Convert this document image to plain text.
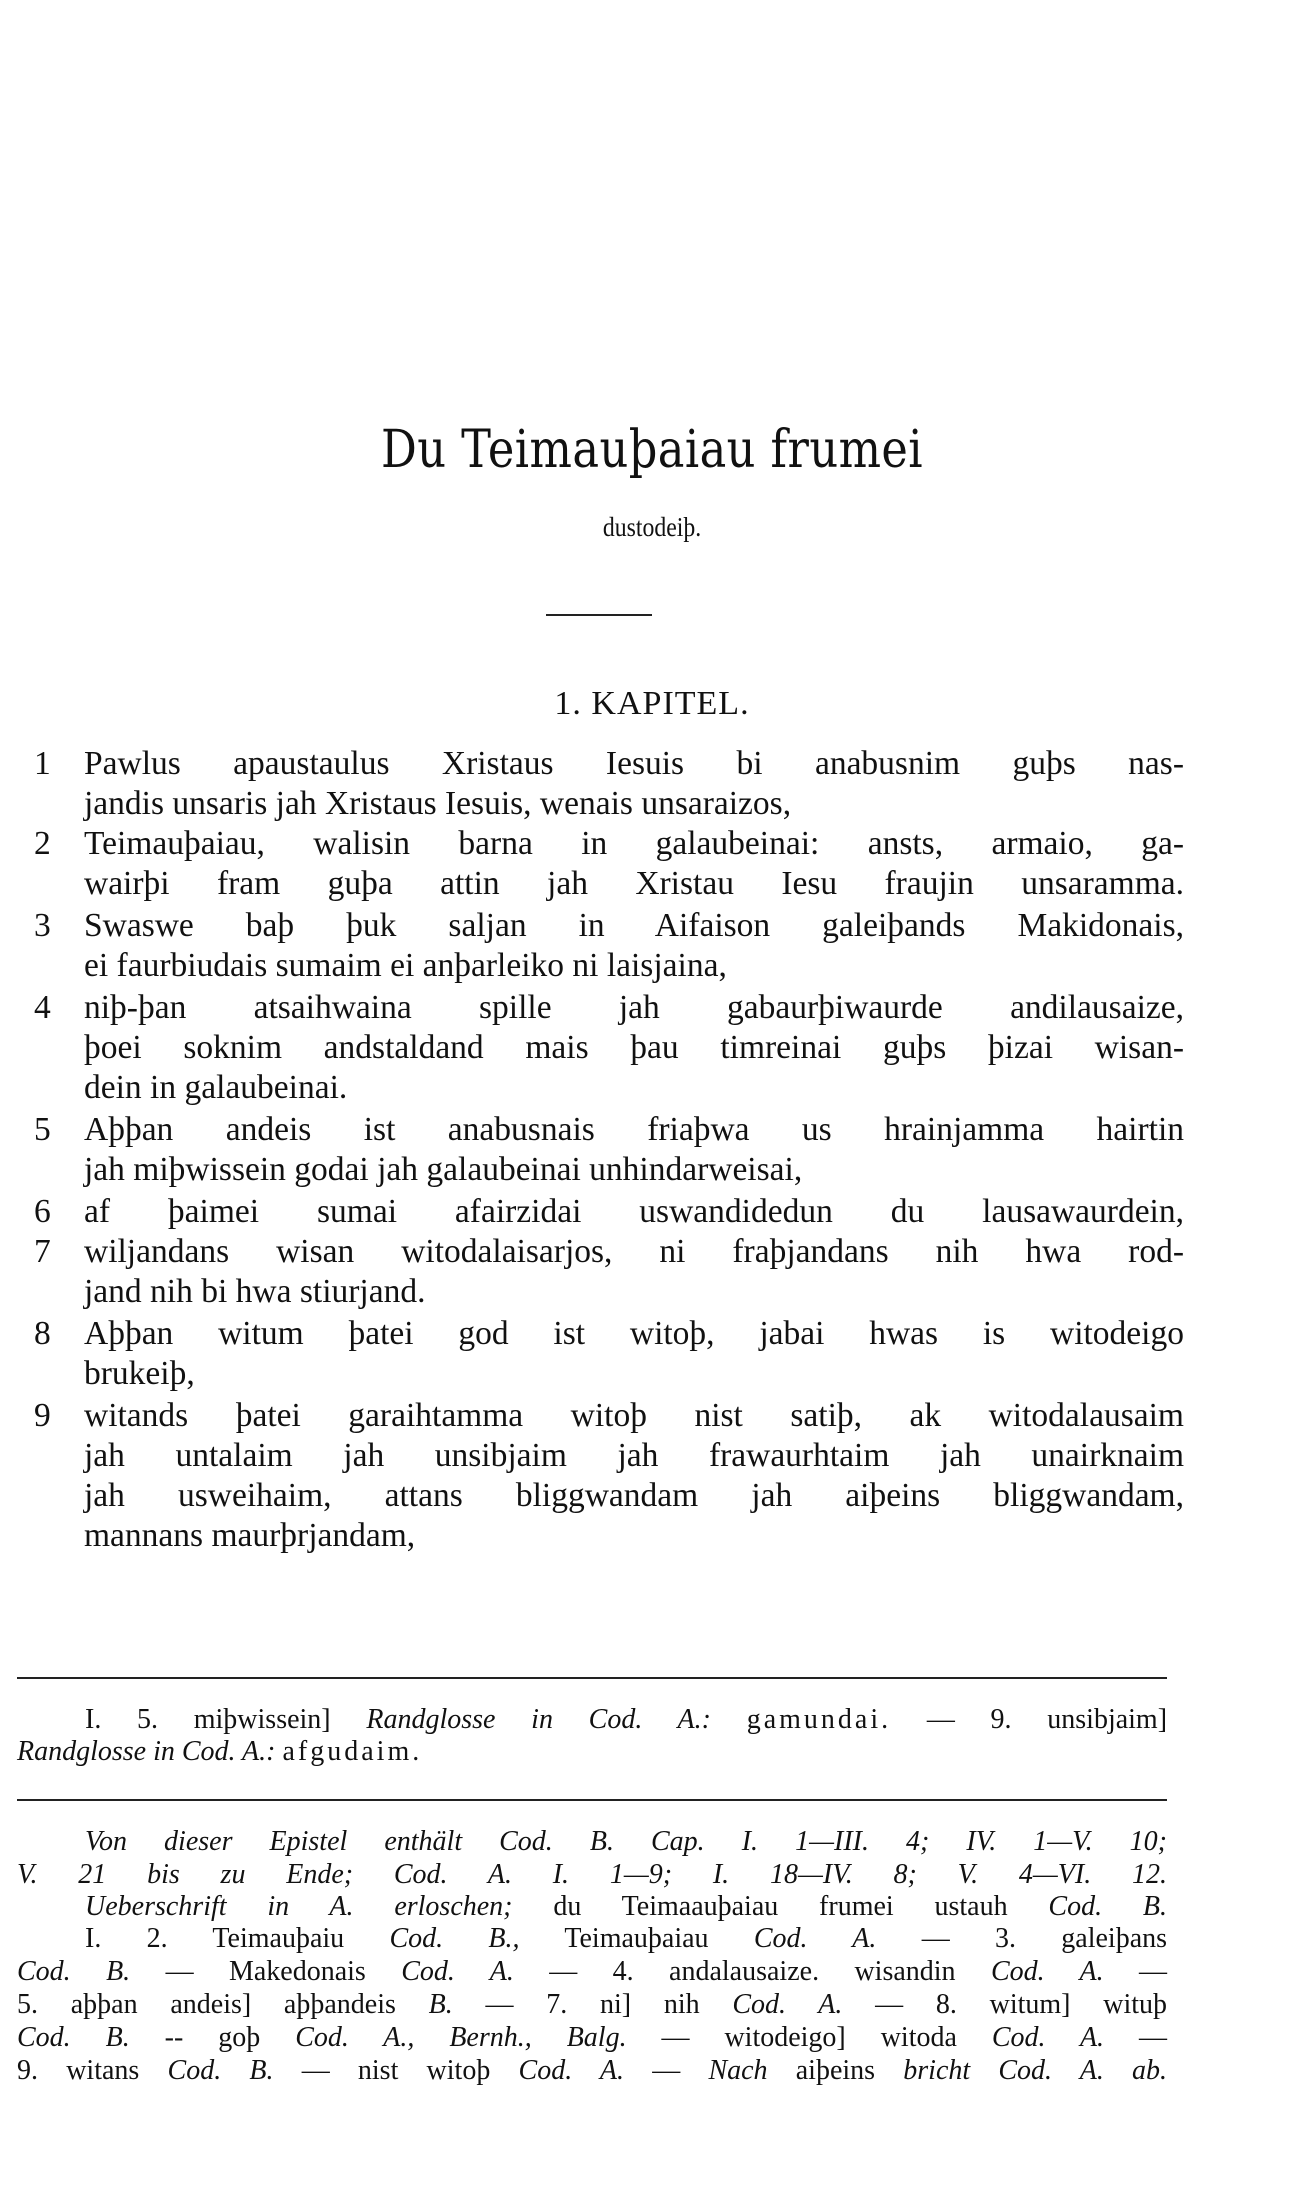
Du Teimauþaiau frumei
dustodeiþ.
1. KAPITEL.
1 Pawlus apaustaulus Xristaus Iesuis bi anabusnim guþs nas-
jandis unsaris jah Xristaus Iesuis, wenais unsaraizos,
2 Teimauþaiau, walisin barna in galaubeinai: ansts, armaio, ga-
wairþi fram guþa attin jah Xristau Iesu fraujin unsaramma.
3 Swaswe baþ þuk saljan in Aifaison galeiþands Makidonais,
ei faurbiudais sumaim ei anþarleiko ni laisjaina,
4 niþ-þan atsaihwaina spille jah gabaurþiwaurde andilausaize,
þoei soknim andstaldand mais þau timreinai guþs þizai wisan-
dein in galaubeinai.
5 Aþþan andeis ist anabusnais friaþwa us hrainjamma hairtin
jah miþwissein godai jah galaubeinai unhindarweisai,
6 af þaimei sumai afairzidai uswandidedun du lausawaurdein,
7 wiljandans wisan witodalaisarjos, ni fraþjandans nih hwa rod-
jand nih bi hwa stiurjand.
8 Aþþan witum þatei god ist witoþ, jabai hwas is witodeigo
brukeiþ,
9 witands þatei garaihtamma witoþ nist satiþ, ak witodalausaim
jah untalaim jah unsibjaim jah frawaurhtaim jah unairknaim
jah usweihaim, attans bliggwandam jah aiþeins bliggwandam,
mannans maurþrjandam,
I. 5. miþwissein] Randglosse in Cod. A.: gamundai. — 9. unsibjaim]
Randglosse in Cod. A.: afgudaim.
Von dieser Epistel enthält Cod. B. Cap. I. 1—III. 4; IV. 1—V. 10;
V. 21 bis zu Ende; Cod. A. I. 1—9; I. 18—IV. 8; V. 4—VI. 12.
Ueberschrift in A. erloschen; du Teimaauþaiau frumei ustauh Cod. B.
I. 2. Teimauþaiu Cod. B., Teimauþaiau Cod. A. — 3. galeiþans
Cod. B. — Makedonais Cod. A. — 4. andalausaize. wisandin Cod. A. —
5. aþþan andeis] aþþandeis B. — 7. ni] nih Cod. A. — 8. witum] wituþ
Cod. B. -- goþ Cod. A., Bernh., Balg. — witodeigo] witoda Cod. A. —
9. witans Cod. B. — nist witoþ Cod. A. — Nach aiþeins bricht Cod. A. ab.
